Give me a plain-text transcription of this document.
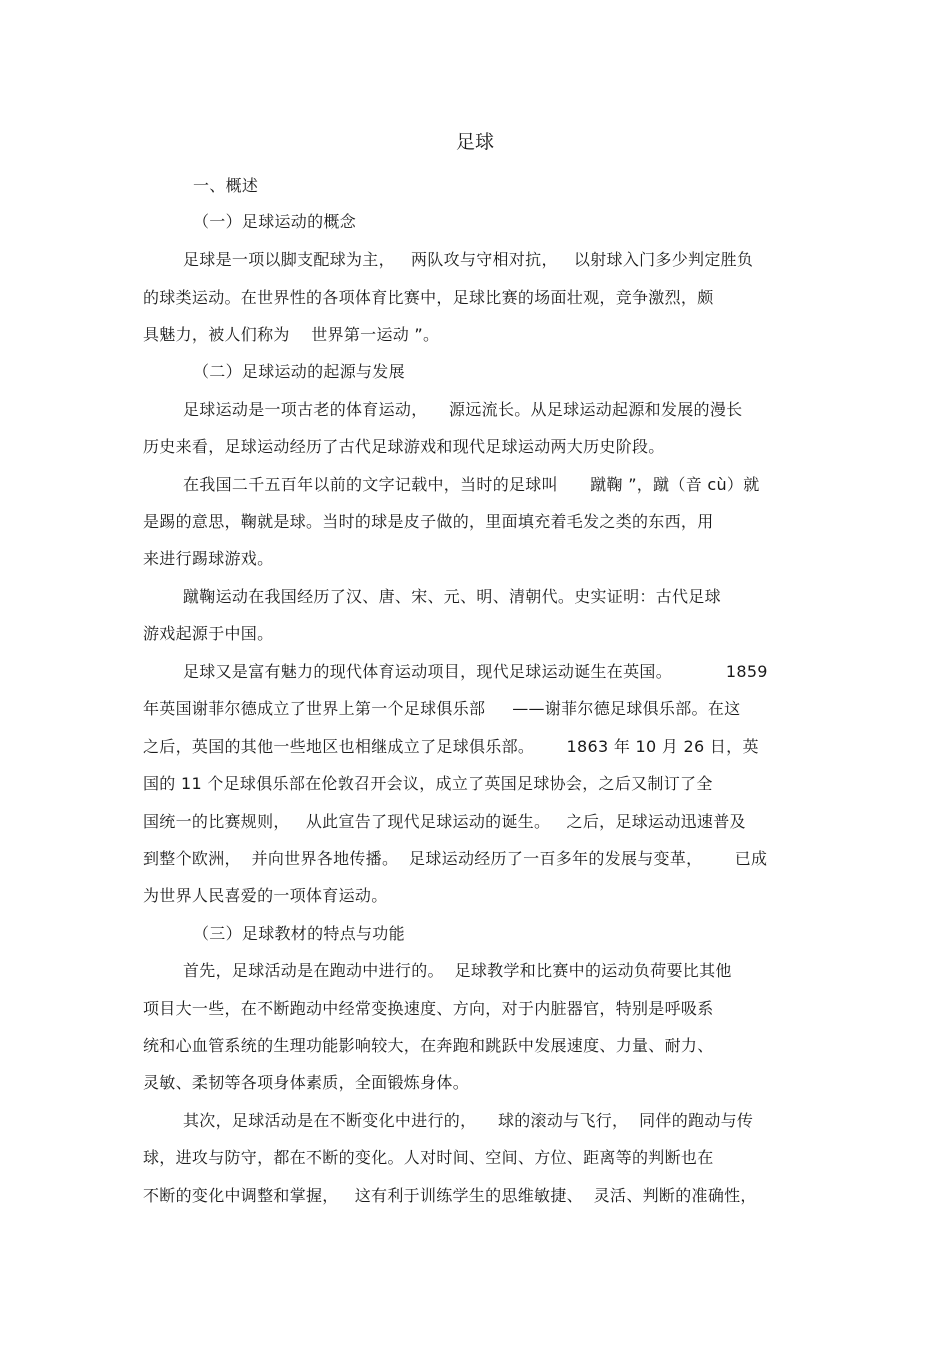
足球
一、概述
（一）足球运动的概念
足球是一项以脚支配球为主，   两队攻与守相对抗，   以射球入门多少判定胜负
的球类运动。在世界性的各项体育比赛中，足球比赛的场面壮观，竞争激烈，颇
具魅力，被人们称为    世界第一运动 ”。
（二）足球运动的起源与发展
足球运动是一项古老的体育运动，    源远流长。从足球运动起源和发展的漫长
历史来看，足球运动经历了古代足球游戏和现代足球运动两大历史阶段。
在我国二千五百年以前的文字记载中，当时的足球叫      蹴鞠 ”，蹴（音 cù）就
是踢的意思，鞠就是球。当时的球是皮子做的，里面填充着毛发之类的东西，用
来进行踢球游戏。
蹴鞠运动在我国经历了汉、唐、宋、元、明、清朝代。史实证明：古代足球
游戏起源于中国。
足球又是富有魅力的现代体育运动项目，现代足球运动诞生在英国。          1859
年英国谢菲尔德成立了世界上第一个足球俱乐部     ——谢菲尔德足球俱乐部。在这
之后，英国的其他一些地区也相继成立了足球俱乐部。      1863 年 10 月 26 日，英
国的 11 个足球俱乐部在伦敦召开会议，成立了英国足球协会，之后又制订了全
国统一的比赛规则，   从此宣告了现代足球运动的诞生。   之后，足球运动迅速普及
到整个欧洲，  并向世界各地传播。  足球运动经历了一百多年的发展与变革，      已成
为世界人民喜爱的一项体育运动。
（三）足球教材的特点与功能
首先，足球活动是在跑动中进行的。  足球教学和比赛中的运动负荷要比其他
项目大一些，在不断跑动中经常变换速度、方向，对于内脏器官，特别是呼吸系
统和心血管系统的生理功能影响较大，在奔跑和跳跃中发展速度、力量、耐力、
灵敏、柔韧等各项身体素质，全面锻炼身体。
其次，足球活动是在不断变化中进行的，    球的滚动与飞行，  同伴的跑动与传
球，进攻与防守，都在不断的变化。人对时间、空间、方位、距离等的判断也在
不断的变化中调整和掌握，   这有利于训练学生的思维敏捷、  灵活、判断的准确性，
